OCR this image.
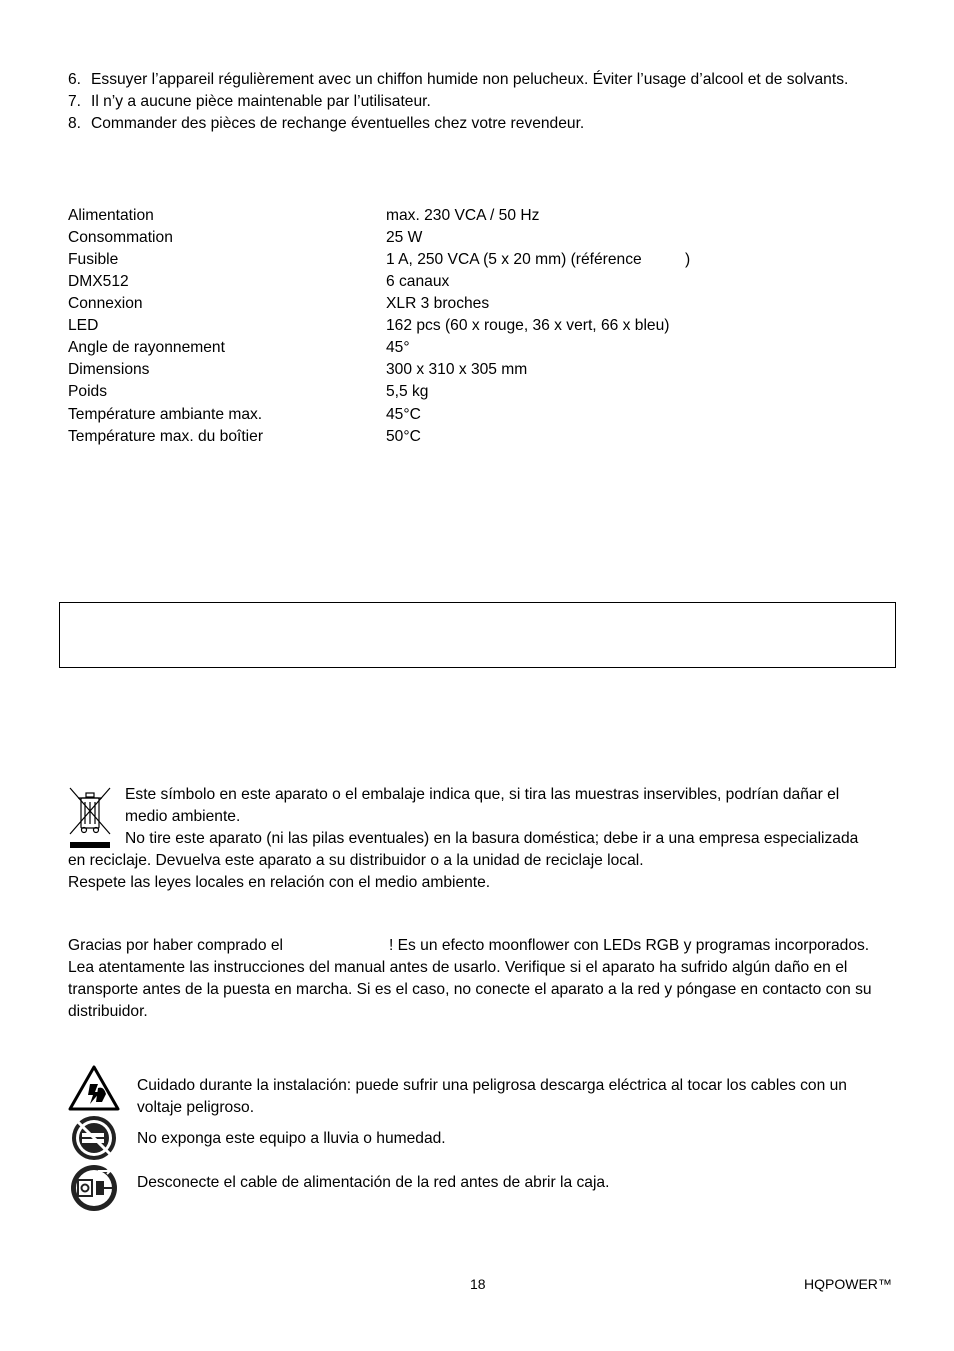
6. Essuyer l’appareil régulièrement avec un chiffon humide non pelucheux. Éviter l’usage d’alcool et de solvants.
7. Il n’y a aucune pièce maintenable par l’utilisateur.
8. Commander des pièces de rechange éventuelles chez votre revendeur.
Alimentation	max. 230 VCA / 50 Hz
Consommation	25 W
Fusible	1 A, 250 VCA (5 x 20 mm) (référence          )
DMX512	6 canaux
Connexion	XLR 3 broches
LED	162 pcs (60 x rouge, 36 x vert, 66 x bleu)
Angle de rayonnement	45°
Dimensions	300 x 310 x 305 mm
Poids	5,5 kg
Température ambiante max.	45°C
Température max. du boîtier	50°C
Este símbolo en este aparato o el embalaje indica que, si tira las muestras inservibles, podrían dañar el
medio ambiente.
No tire este aparato (ni las pilas eventuales) en la basura doméstica; debe ir a una empresa especializada
en reciclaje. Devuelva este aparato a su distribuidor o a la unidad de reciclaje local.
Respete las leyes locales en relación con el medio ambiente.
Gracias por haber comprado el	! Es un efecto moonflower con LEDs RGB y programas incorporados.
Lea atentamente las instrucciones del manual antes de usarlo. Verifique si el aparato ha sufrido algún daño en el
transporte antes de la puesta en marcha. Si es el caso, no conecte el aparato a la red y póngase en contacto con su
distribuidor.
Cuidado durante la instalación: puede sufrir una peligrosa descarga eléctrica al tocar los cables con un
voltaje peligroso.
No exponga este equipo a lluvia o humedad.
Desconecte el cable de alimentación de la red antes de abrir la caja.
18	HQPOWER™
